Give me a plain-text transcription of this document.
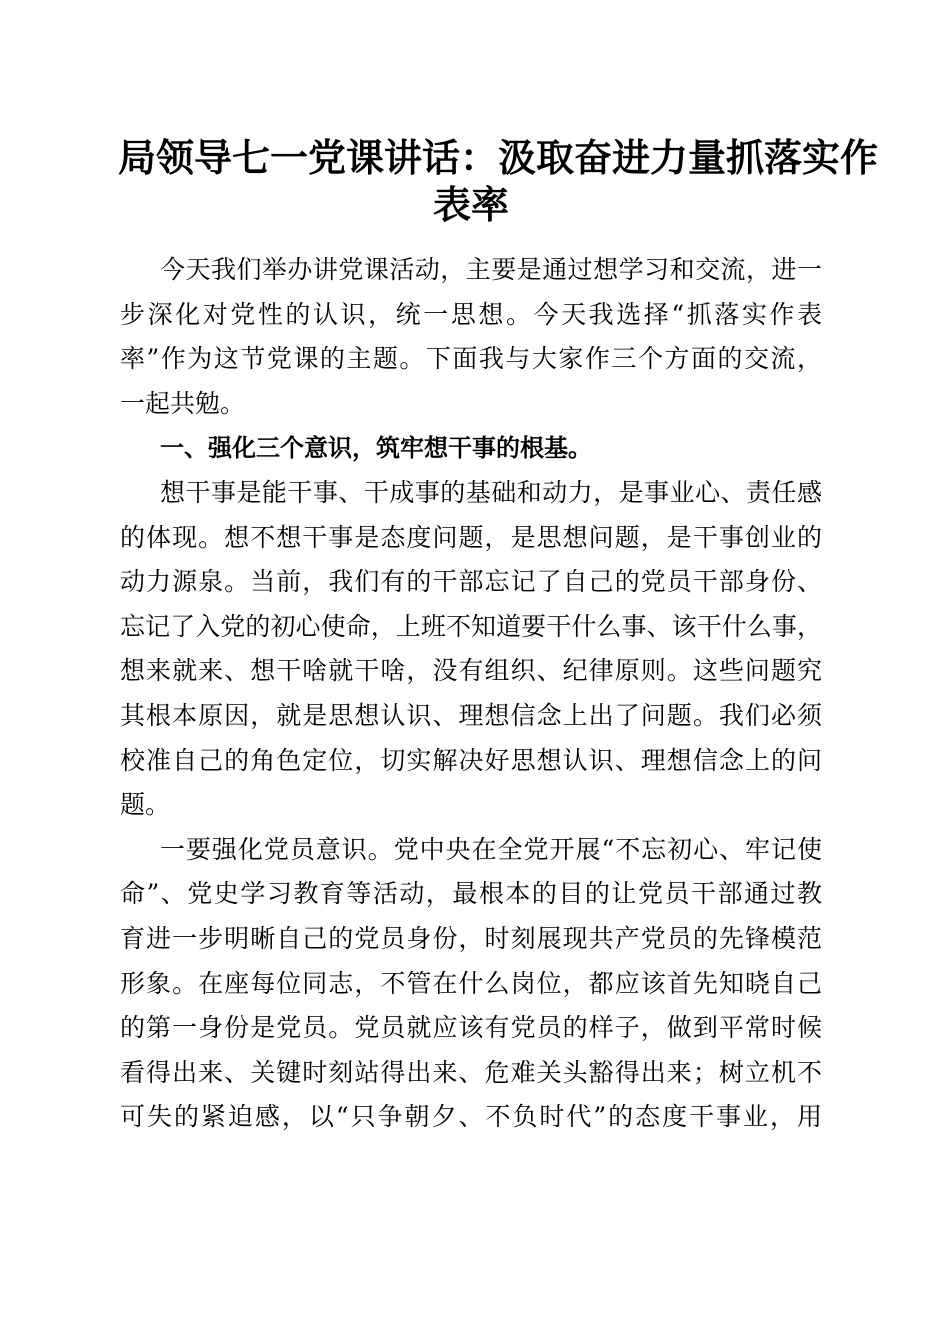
局领导七一党课讲话：汲取奋进力量抓落实作
表率
今天我们举办讲党课活动，主要是通过想学习和交流，进一
步深化对党性的认识，统一思想。今天我选择“抓落实作表
率”作为这节党课的主题。下面我与大家作三个方面的交流，
一起共勉。
一、强化三个意识，筑牢想干事的根基。
想干事是能干事、干成事的基础和动力，是事业心、责任感
的体现。想不想干事是态度问题，是思想问题，是干事创业的
动力源泉。当前，我们有的干部忘记了自己的党员干部身份、
忘记了入党的初心使命，上班不知道要干什么事、该干什么事，
想来就来、想干啥就干啥，没有组织、纪律原则。这些问题究
其根本原因，就是思想认识、理想信念上出了问题。我们必须
校准自己的角色定位，切实解决好思想认识、理想信念上的问
题。
一要强化党员意识。党中央在全党开展“不忘初心、牢记使
命”、党史学习教育等活动，最根本的目的让党员干部通过教
育进一步明晰自己的党员身份，时刻展现共产党员的先锋模范
形象。在座每位同志，不管在什么岗位，都应该首先知晓自己
的第一身份是党员。党员就应该有党员的样子，做到平常时候
看得出来、关键时刻站得出来、危难关头豁得出来；树立机不
可失的紧迫感，以“只争朝夕、不负时代”的态度干事业，用
